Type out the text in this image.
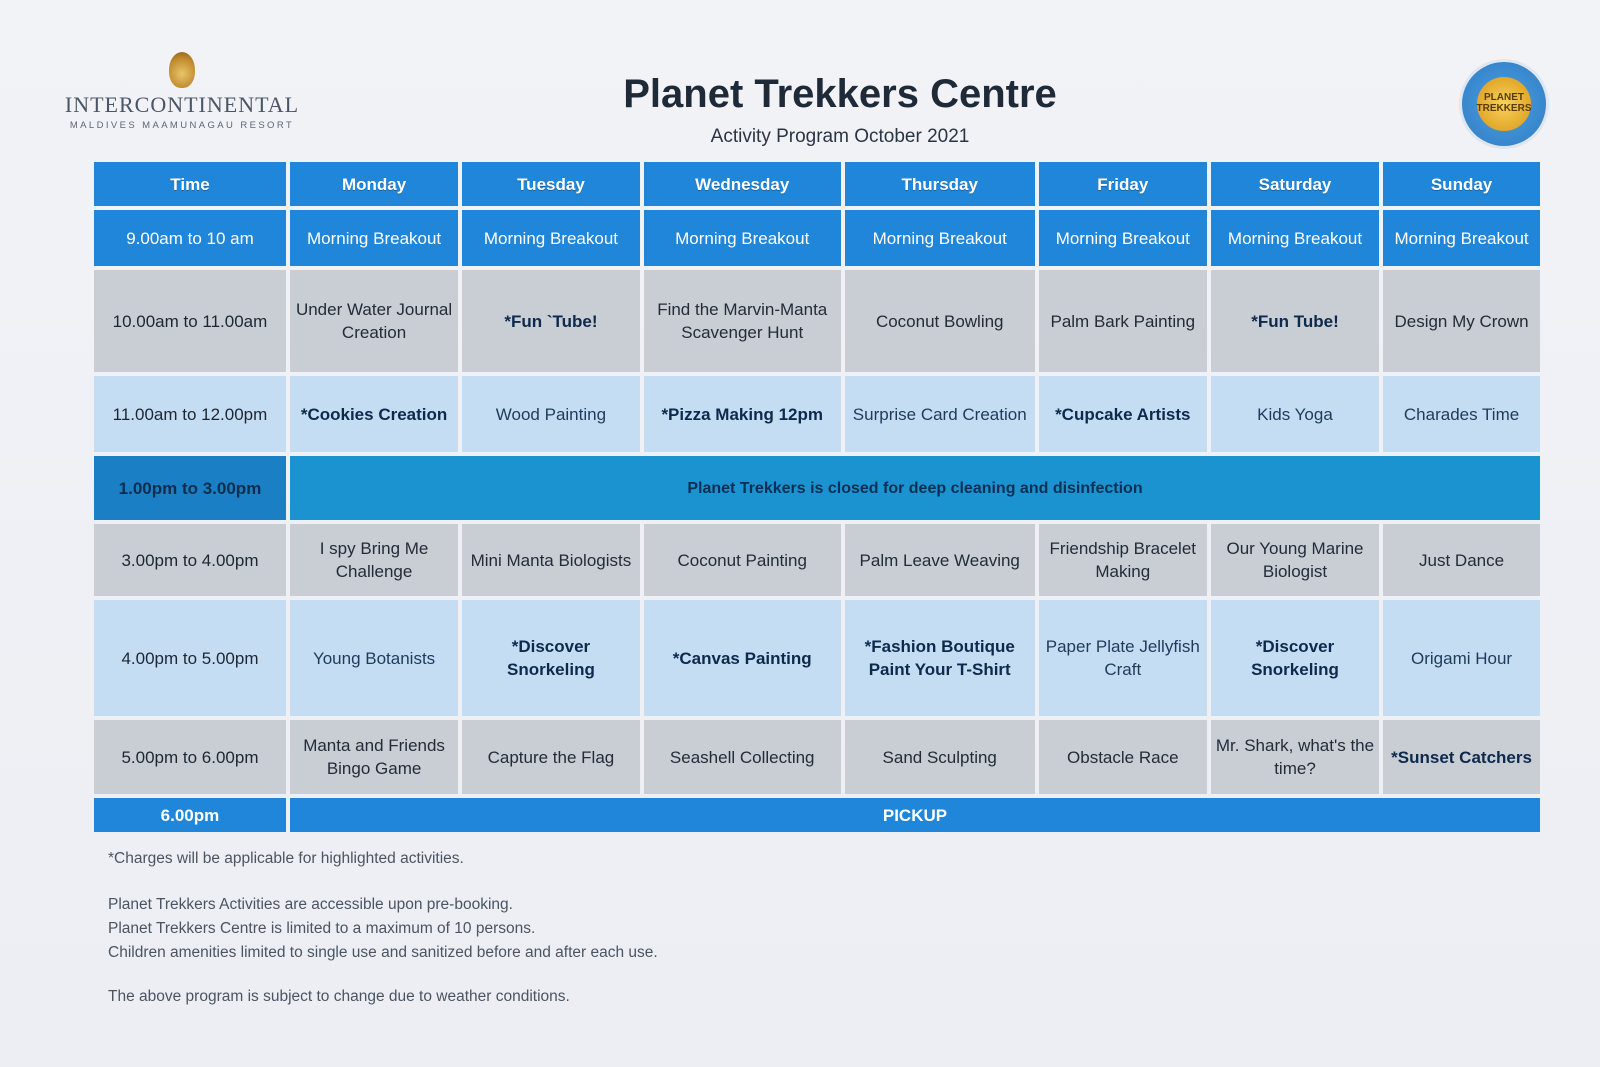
INTERCONTINENTAL
MALDIVES MAAMUNAGAU RESORT
Planet Trekkers Centre
Activity Program October 2021
PLANET TREKKERS
Time	Monday	Tuesday	Wednesday	Thursday	Friday	Saturday	Sunday
9.00am to 10 am	Morning Breakout	Morning Breakout	Morning Breakout	Morning Breakout	Morning Breakout	Morning Breakout	Morning Breakout
10.00am to 11.00am	Under Water Journal Creation	*Fun `Tube!	Find the Marvin-Manta Scavenger Hunt	Coconut Bowling	Palm Bark Painting	*Fun Tube!	Design My Crown
11.00am to 12.00pm	*Cookies Creation	Wood Painting	*Pizza Making 12pm	Surprise Card Creation	*Cupcake Artists	Kids Yoga	Charades Time
1.00pm to 3.00pm	Planet Trekkers is closed for deep cleaning and disinfection						
3.00pm to 4.00pm	I spy Bring Me Challenge	Mini Manta Biologists	Coconut Painting	Palm Leave Weaving	Friendship Bracelet Making	Our Young Marine Biologist	Just Dance
4.00pm to 5.00pm	Young Botanists	*Discover Snorkeling	*Canvas Painting	*Fashion Boutique Paint Your T-Shirt	Paper Plate Jellyfish Craft	*Discover Snorkeling	Origami Hour
5.00pm to 6.00pm	Manta and Friends Bingo Game	Capture the Flag	Seashell Collecting	Sand Sculpting	Obstacle Race	Mr. Shark, what's the time?	*Sunset Catchers
6.00pm	PICKUP						
*Charges will be applicable for highlighted activities.
Planet Trekkers Activities are accessible upon pre-booking.
Planet Trekkers Centre is limited to a maximum of 10 persons.
Children amenities limited to single use and sanitized before and after each use.
The above program is subject to change due to weather conditions.
